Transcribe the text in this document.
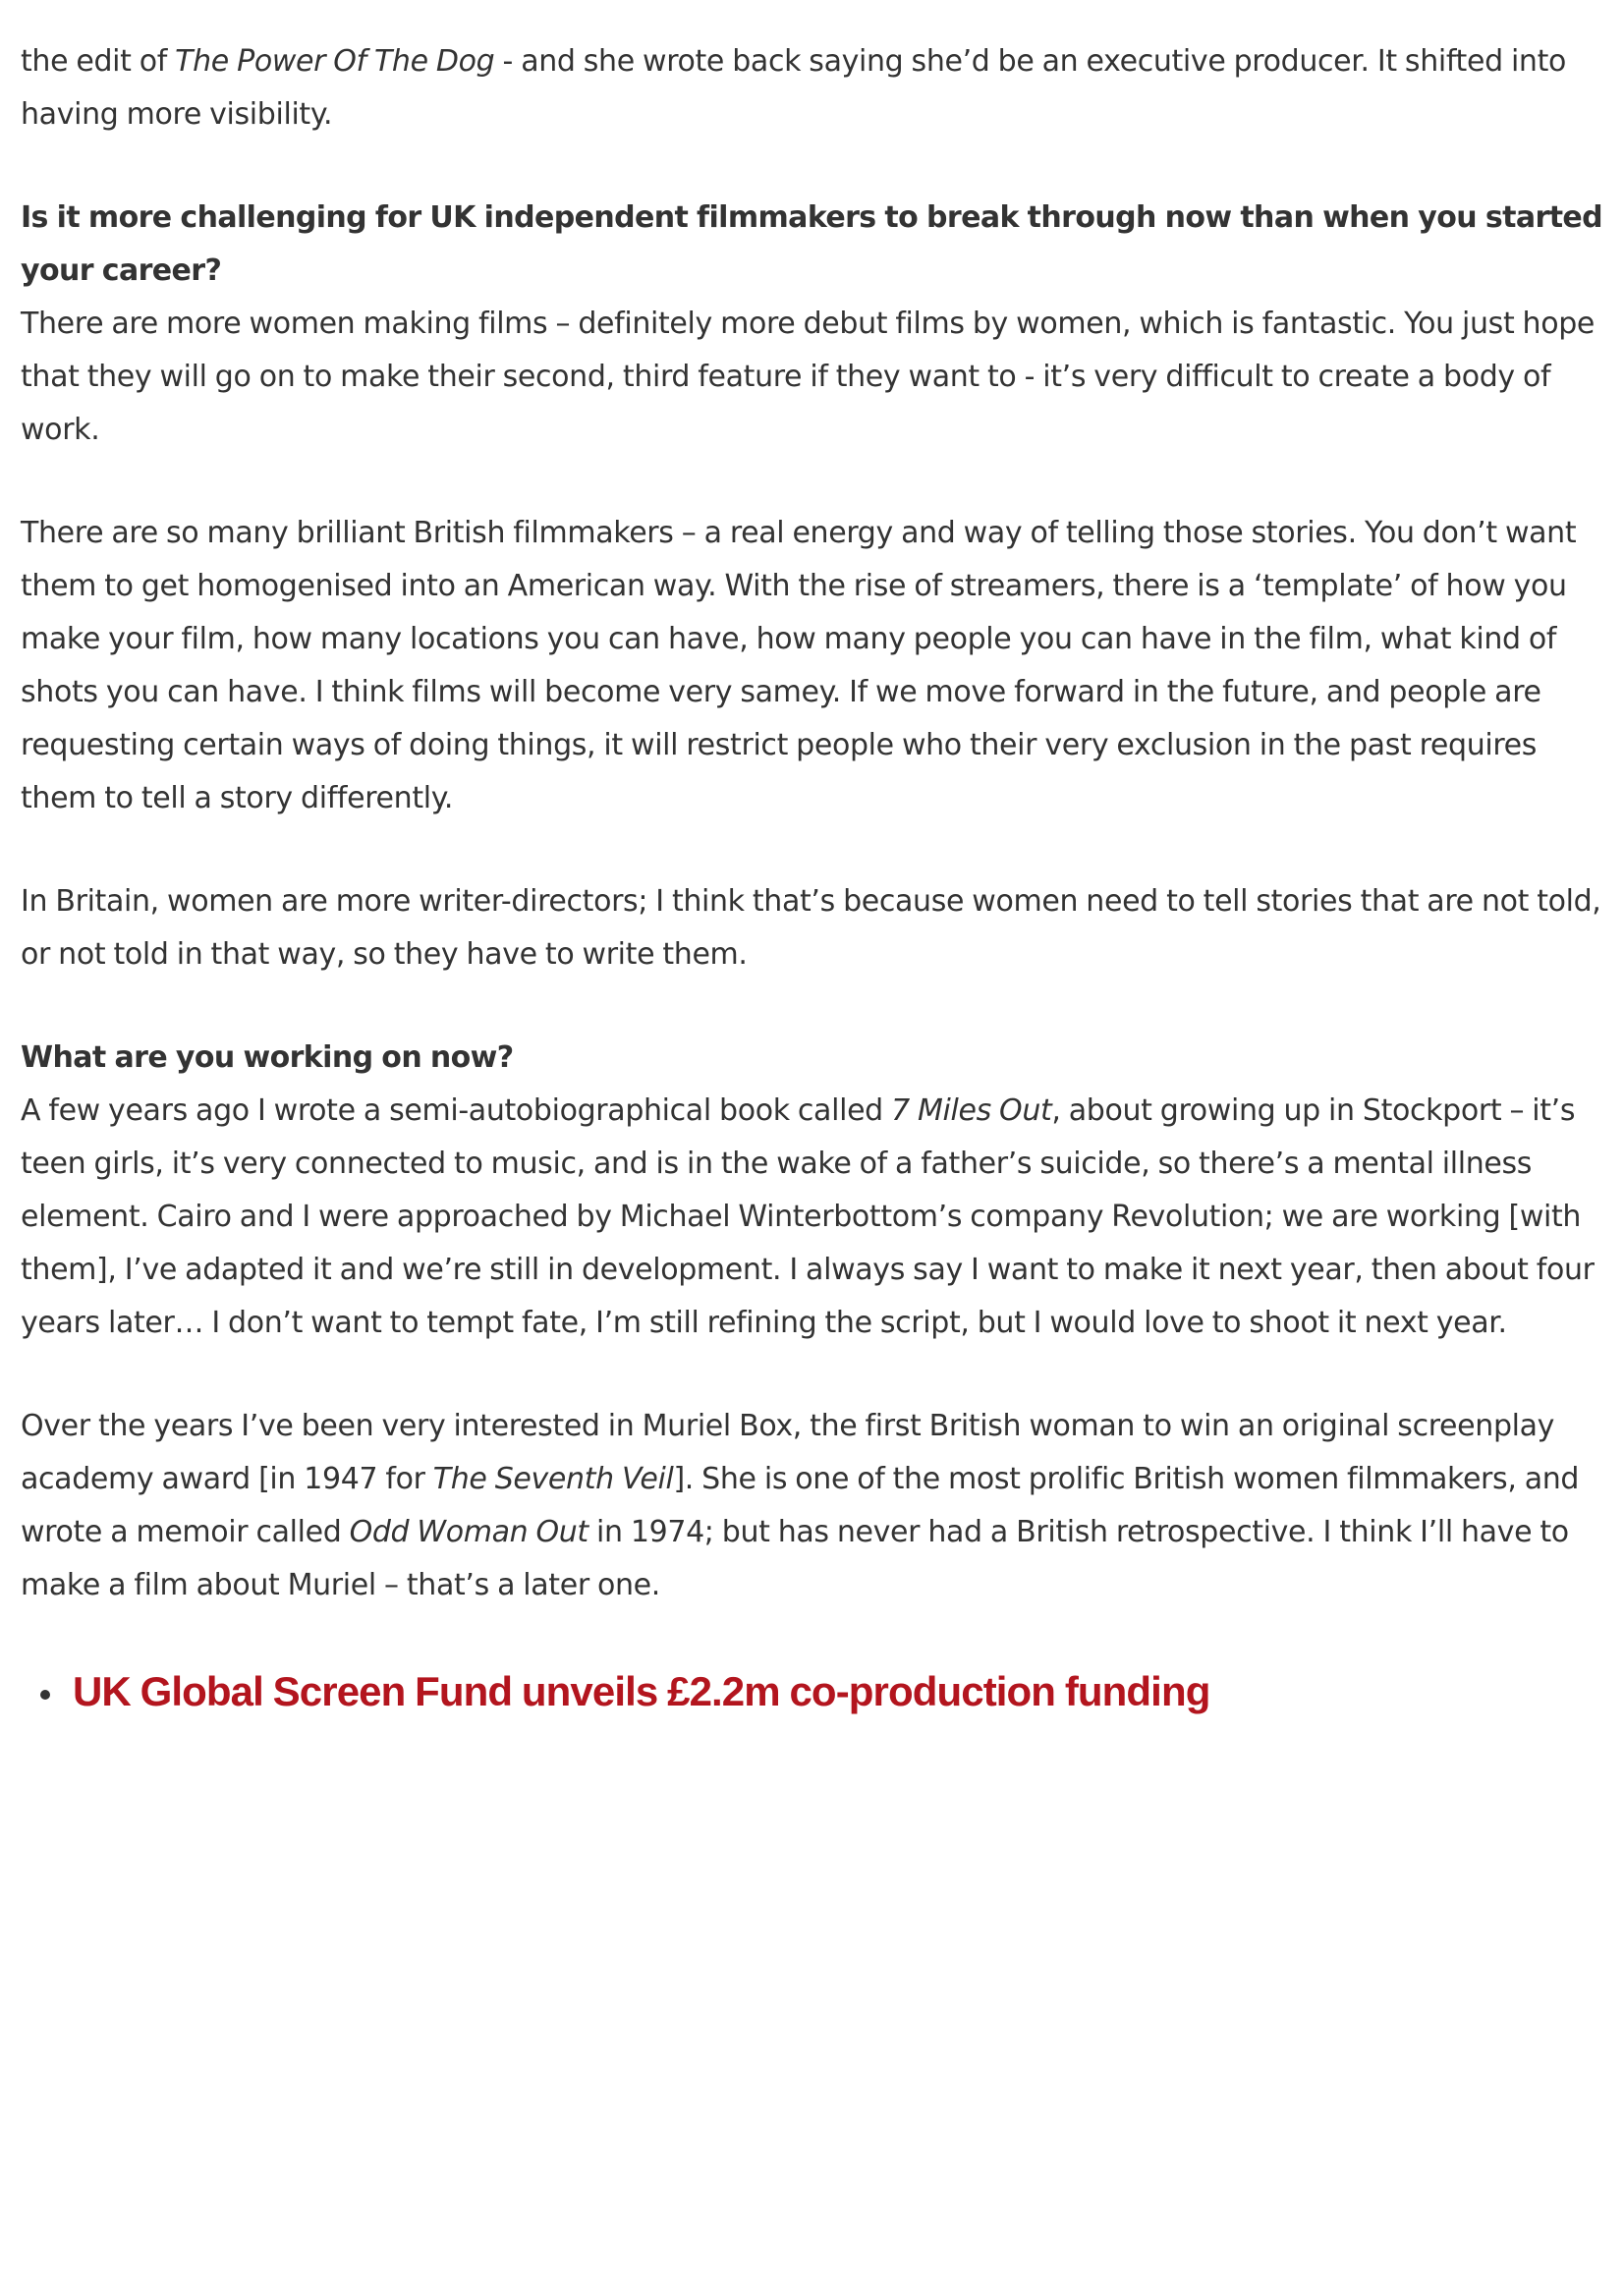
the edit of The Power Of The Dog - and she wrote back saying she’d be an executive producer. It shifted into having more visibility.

Is it more challenging for UK independent filmmakers to break through now than when you started your career?

There are more women making films – definitely more debut films by women, which is fantastic. You just hope that they will go on to make their second, third feature if they want to - it’s very difficult to create a body of work.

There are so many brilliant British filmmakers – a real energy and way of telling those stories. You don’t want them to get homogenised into an American way. With the rise of streamers, there is a ‘template’ of how you make your film, how many locations you can have, how many people you can have in the film, what kind of shots you can have. I think films will become very samey. If we move forward in the future, and people are requesting certain ways of doing things, it will restrict people who their very exclusion in the past requires them to tell a story differently.

In Britain, women are more writer-directors; I think that’s because women need to tell stories that are not told, or not told in that way, so they have to write them.

What are you working on now?

A few years ago I wrote a semi-autobiographical book called 7 Miles Out, about growing up in Stockport – it’s teen girls, it’s very connected to music, and is in the wake of a father’s suicide, so there’s a mental illness element. Cairo and I were approached by Michael Winterbottom’s company Revolution; we are working [with them], I’ve adapted it and we’re still in development. I always say I want to make it next year, then about four years later… I don’t want to tempt fate, I’m still refining the script, but I would love to shoot it next year.

Over the years I’ve been very interested in Muriel Box, the first British woman to win an original screenplay academy award [in 1947 for The Seventh Veil]. She is one of the most prolific British women filmmakers, and wrote a memoir called Odd Woman Out in 1974; but has never had a British retrospective. I think I’ll have to make a film about Muriel – that’s a later one.

UK Global Screen Fund unveils £2.2m co-production funding
